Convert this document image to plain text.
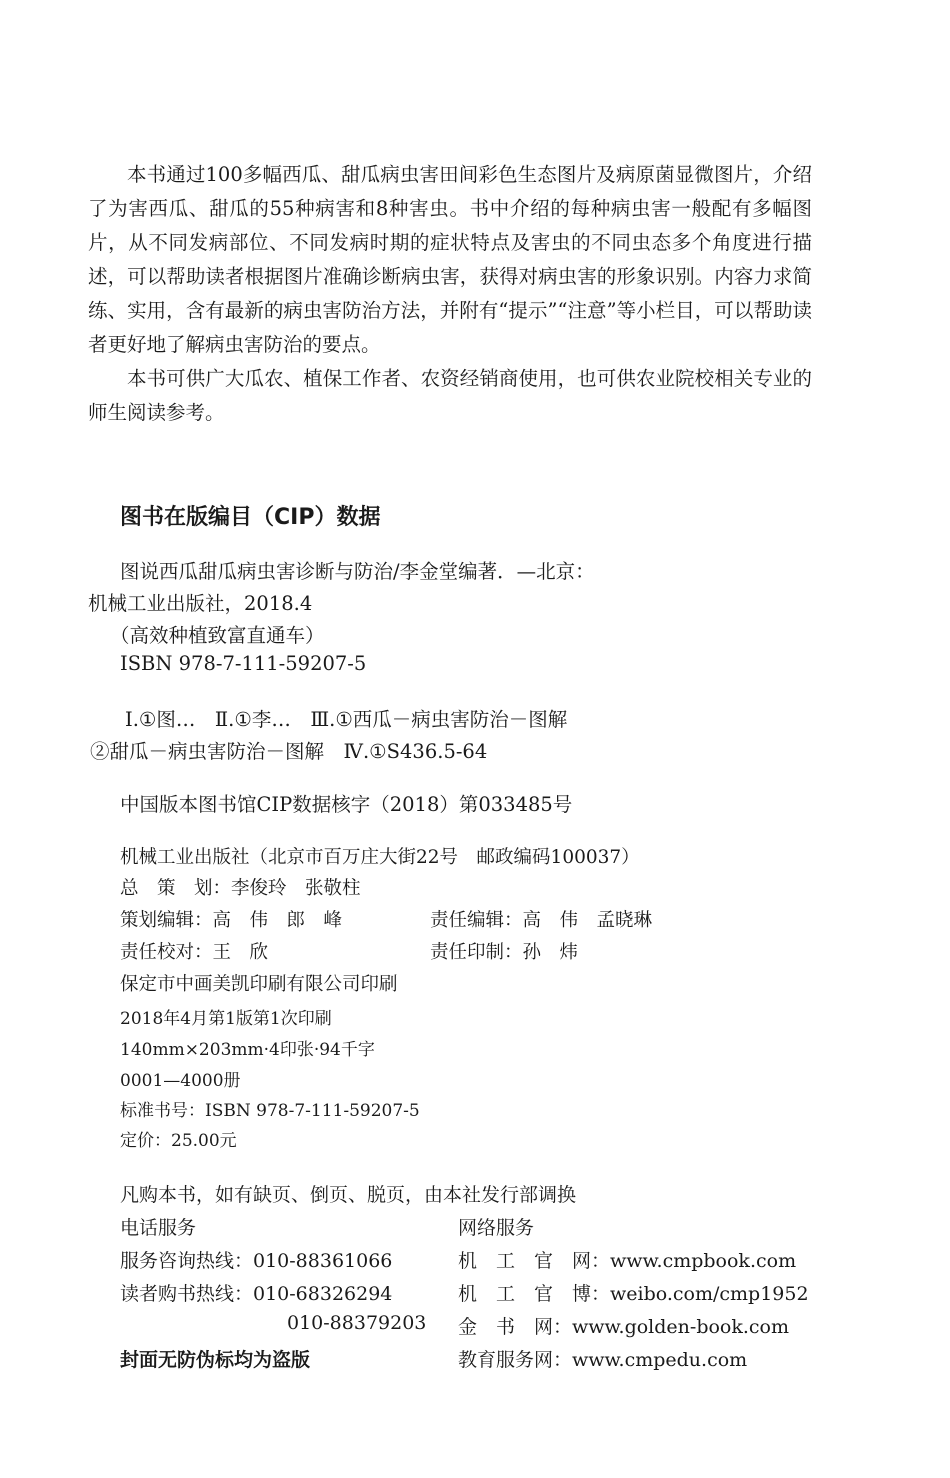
本书通过100多幅西瓜、甜瓜病虫害田间彩色生态图片及病原菌显微图片，介绍了为害西瓜、甜瓜的55种病害和8种害虫。书中介绍的每种病虫害一般配有多幅图片，从不同发病部位、不同发病时期的症状特点及害虫的不同虫态多个角度进行描述，可以帮助读者根据图片准确诊断病虫害，获得对病虫害的形象识别。内容力求简练、实用，含有最新的病虫害防治方法，并附有“提示”“注意”等小栏目，可以帮助读者更好地了解病虫害防治的要点。

本书可供广大瓜农、植保工作者、农资经销商使用，也可供农业院校相关专业的师生阅读参考。

图书在版编目（CIP）数据
图说西瓜甜瓜病虫害诊断与防治/李金堂编著．—北京：
机械工业出版社，2018.4
（高效种植致富直通车）
ISBN 978-7-111-59207-5
Ⅰ.①图…　Ⅱ.①李…　Ⅲ.①西瓜－病虫害防治－图解
②甜瓜－病虫害防治－图解　Ⅳ.①S436.5-64
中国版本图书馆CIP数据核字（2018）第033485号
机械工业出版社（北京市百万庄大街22号　邮政编码100037）
总　策　划：李俊玲　张敬柱
策划编辑：高　伟　郎　峰	责任编辑：高　伟　孟晓琳
责任校对：王　欣	责任印制：孙　炜
保定市中画美凯印刷有限公司印刷
2018年4月第1版第1次印刷
140mm×203mm·4印张·94千字
0001—4000册
标准书号：ISBN 978-7-111-59207-5
定价：25.00元
凡购本书，如有缺页、倒页、脱页，由本社发行部调换
电话服务	网络服务
服务咨询热线：010-88361066	机　工　官　网：www.cmpbook.com
读者购书热线：010-68326294	机　工　官　博：weibo.com/cmp1952
010-88379203 金　书　网：www.golden-book.com
封面无防伪标均为盗版	教育服务网：www.cmpedu.com
